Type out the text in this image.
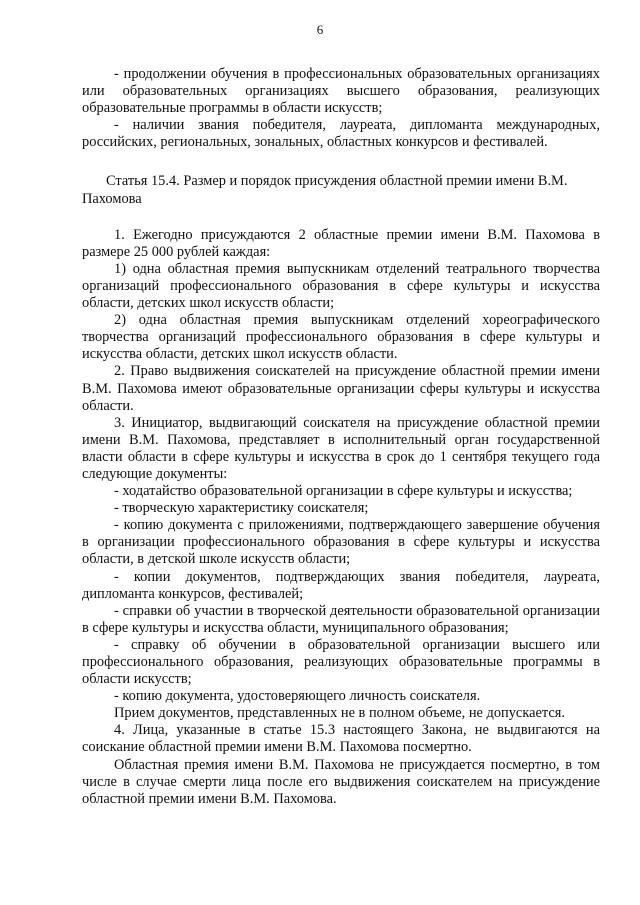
6

- продолжении обучения в профессиональных образовательных организациях или образовательных организациях высшего образования, реализующих образовательные программы в области искусств;

- наличии звания победителя, лауреата, дипломанта международных, российских, региональных, зональных, областных конкурсов и фестивалей.

Статья 15.4. Размер и порядок присуждения областной премии имени В.М. Пахомова

1. Ежегодно присуждаются 2 областные премии имени В.М. Пахомова в размере 25 000 рублей каждая:

1) одна областная премия выпускникам отделений театрального творчества организаций профессионального образования в сфере культуры и искусства области, детских школ искусств области;

2) одна областная премия выпускникам отделений хореографического творчества организаций профессионального образования в сфере культуры и искусства области, детских школ искусств области.

2. Право выдвижения соискателей на присуждение областной премии имени В.М. Пахомова имеют образовательные организации сферы культуры и искусства области.

3. Инициатор, выдвигающий соискателя на присуждение областной премии имени В.М. Пахомова, представляет в исполнительный орган государственной власти области в сфере культуры и искусства в срок до 1 сентября текущего года следующие документы:

- ходатайство образовательной организации в сфере культуры и искусства;

- творческую характеристику соискателя;

- копию документа с приложениями, подтверждающего завершение обучения в организации профессионального образования в сфере культуры и искусства области, в детской школе искусств области;

- копии документов, подтверждающих звания победителя, лауреата, дипломанта конкурсов, фестивалей;

- справки об участии в творческой деятельности образовательной организации в сфере культуры и искусства области, муниципального образования;

- справку об обучении в образовательной организации высшего или профессионального образования, реализующих образовательные программы в области искусств;

- копию документа, удостоверяющего личность соискателя.

Прием документов, представленных не в полном объеме, не допускается.

4. Лица, указанные в статье 15.3 настоящего Закона, не выдвигаются на соискание областной премии имени В.М. Пахомова посмертно.

Областная премия имени В.М. Пахомова не присуждается посмертно, в том числе в случае смерти лица после его выдвижения соискателем на присуждение областной премии имени В.М. Пахомова.
